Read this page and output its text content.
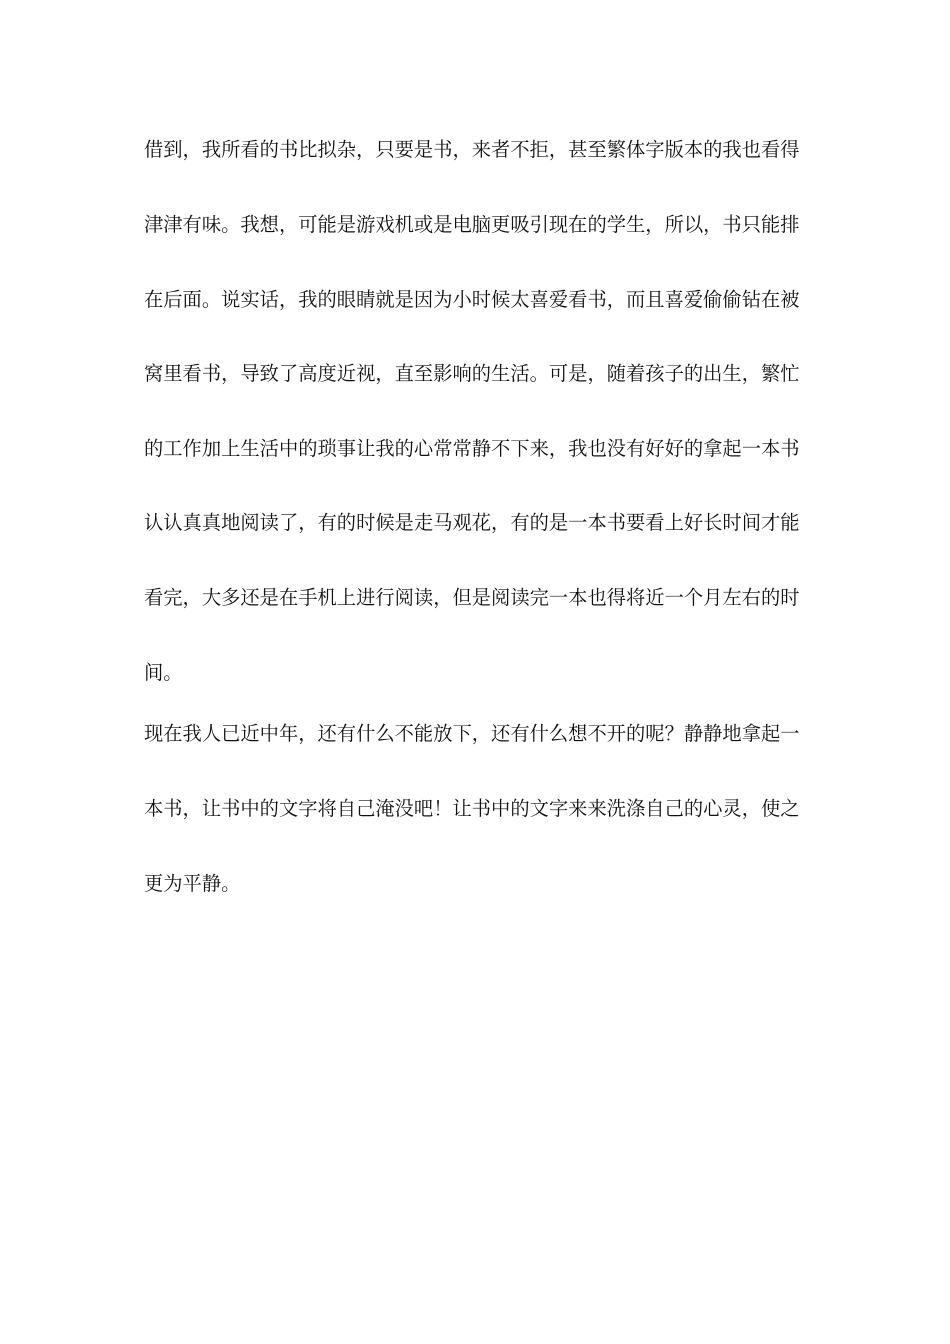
借到，我所看的书比拟杂，只要是书，来者不拒，甚至繁体字版本的我也看得
津津有味。我想，可能是游戏机或是电脑更吸引现在的学生，所以，书只能排
在后面。说实话，我的眼睛就是因为小时候太喜爱看书，而且喜爱偷偷钻在被
窝里看书，导致了高度近视，直至影响的生活。可是，随着孩子的出生，繁忙
的工作加上生活中的琐事让我的心常常静不下来，我也没有好好的拿起一本书
认认真真地阅读了，有的时候是走马观花，有的是一本书要看上好长时间才能
看完，大多还是在手机上进行阅读，但是阅读完一本也得将近一个月左右的时
间。
现在我人已近中年，还有什么不能放下，还有什么想不开的呢？静静地拿起一
本书，让书中的文字将自己淹没吧！让书中的文字来来洗涤自己的心灵，使之
更为平静。
